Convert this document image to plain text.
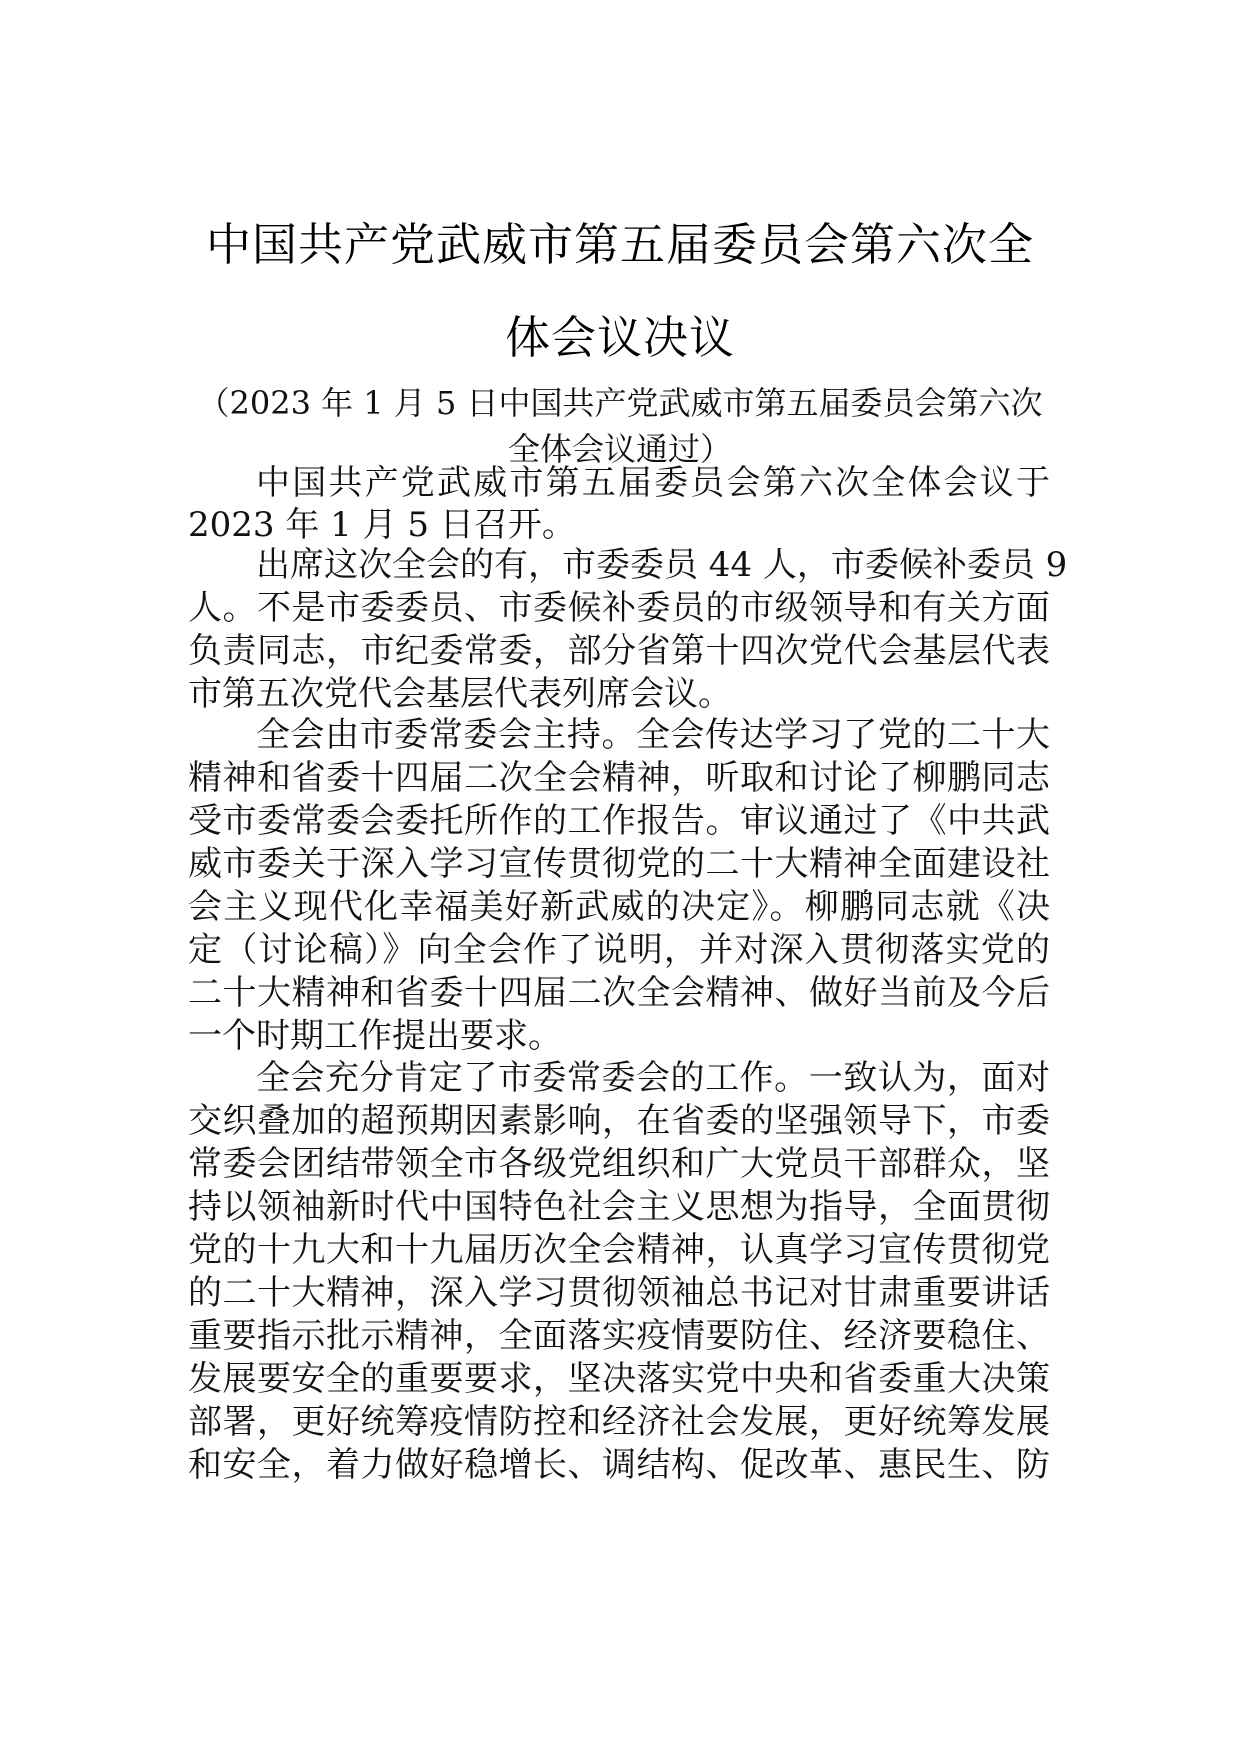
中国共产党武威市第五届委员会第六次全
体会议决议
（2023 年 1 月 5 日中国共产党武威市第五届委员会第六次
全体会议通过）
中国共产党武威市第五届委员会第六次全体会议于
2023 年 1 月 5 日召开。
出席这次全会的有，市委委员 44 人，市委候补委员 9
人。不是市委委员、市委候补委员的市级领导和有关方面
负责同志，市纪委常委，部分省第十四次党代会基层代表
市第五次党代会基层代表列席会议。
全会由市委常委会主持。全会传达学习了党的二十大
精神和省委十四届二次全会精神，听取和讨论了柳鹏同志
受市委常委会委托所作的工作报告。审议通过了《中共武
威市委关于深入学习宣传贯彻党的二十大精神全面建设社
会主义现代化幸福美好新武威的决定》。柳鹏同志就《决
定（讨论稿）》向全会作了说明，并对深入贯彻落实党的
二十大精神和省委十四届二次全会精神、做好当前及今后
一个时期工作提出要求。
全会充分肯定了市委常委会的工作。一致认为，面对
交织叠加的超预期因素影响，在省委的坚强领导下，市委
常委会团结带领全市各级党组织和广大党员干部群众，坚
持以领袖新时代中国特色社会主义思想为指导，全面贯彻
党的十九大和十九届历次全会精神，认真学习宣传贯彻党
的二十大精神，深入学习贯彻领袖总书记对甘肃重要讲话
重要指示批示精神，全面落实疫情要防住、经济要稳住、
发展要安全的重要要求，坚决落实党中央和省委重大决策
部署，更好统筹疫情防控和经济社会发展，更好统筹发展
和安全，着力做好稳增长、调结构、促改革、惠民生、防
